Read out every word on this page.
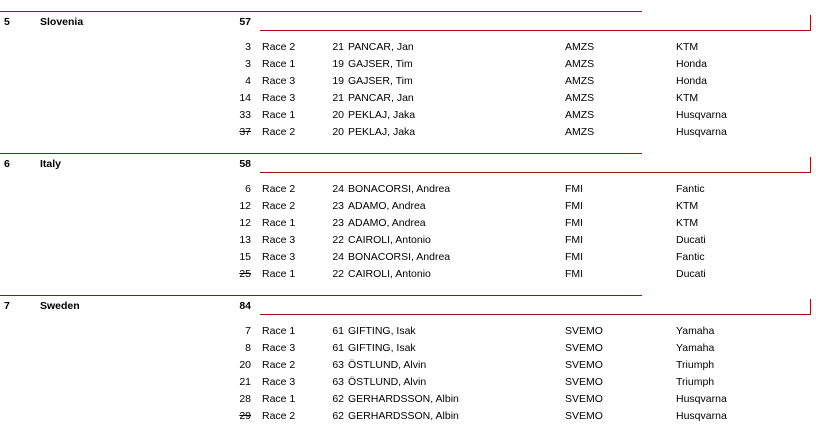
5	Slovenia	57
3 Race 2	21 PANCAR, Jan	AMZS	KTM
3 Race 1	19 GAJSER, Tim	AMZS	Honda
4 Race 3	19 GAJSER, Tim	AMZS	Honda
14 Race 3	21 PANCAR, Jan	AMZS	KTM
33 Race 1	20 PEKLAJ, Jaka	AMZS	Husqvarna
37 Race 2	20 PEKLAJ, Jaka	AMZS	Husqvarna
6	Italy	58
6 Race 2	24 BONACORSI, Andrea	FMI	Fantic
12 Race 2	23 ADAMO, Andrea	FMI	KTM
12 Race 1	23 ADAMO, Andrea	FMI	KTM
13 Race 3	22 CAIROLI, Antonio	FMI	Ducati
15 Race 3	24 BONACORSI, Andrea	FMI	Fantic
25 Race 1	22 CAIROLI, Antonio	FMI	Ducati
7	Sweden	84
7 Race 1	61 GIFTING, Isak	SVEMO	Yamaha
8 Race 3	61 GIFTING, Isak	SVEMO	Yamaha
20 Race 2	63 ÖSTLUND, Alvin	SVEMO	Triumph
21 Race 3	63 ÖSTLUND, Alvin	SVEMO	Triumph
28 Race 1	62 GERHARDSSON, Albin	SVEMO	Husqvarna
29 Race 2	62 GERHARDSSON, Albin	SVEMO	Husqvarna
